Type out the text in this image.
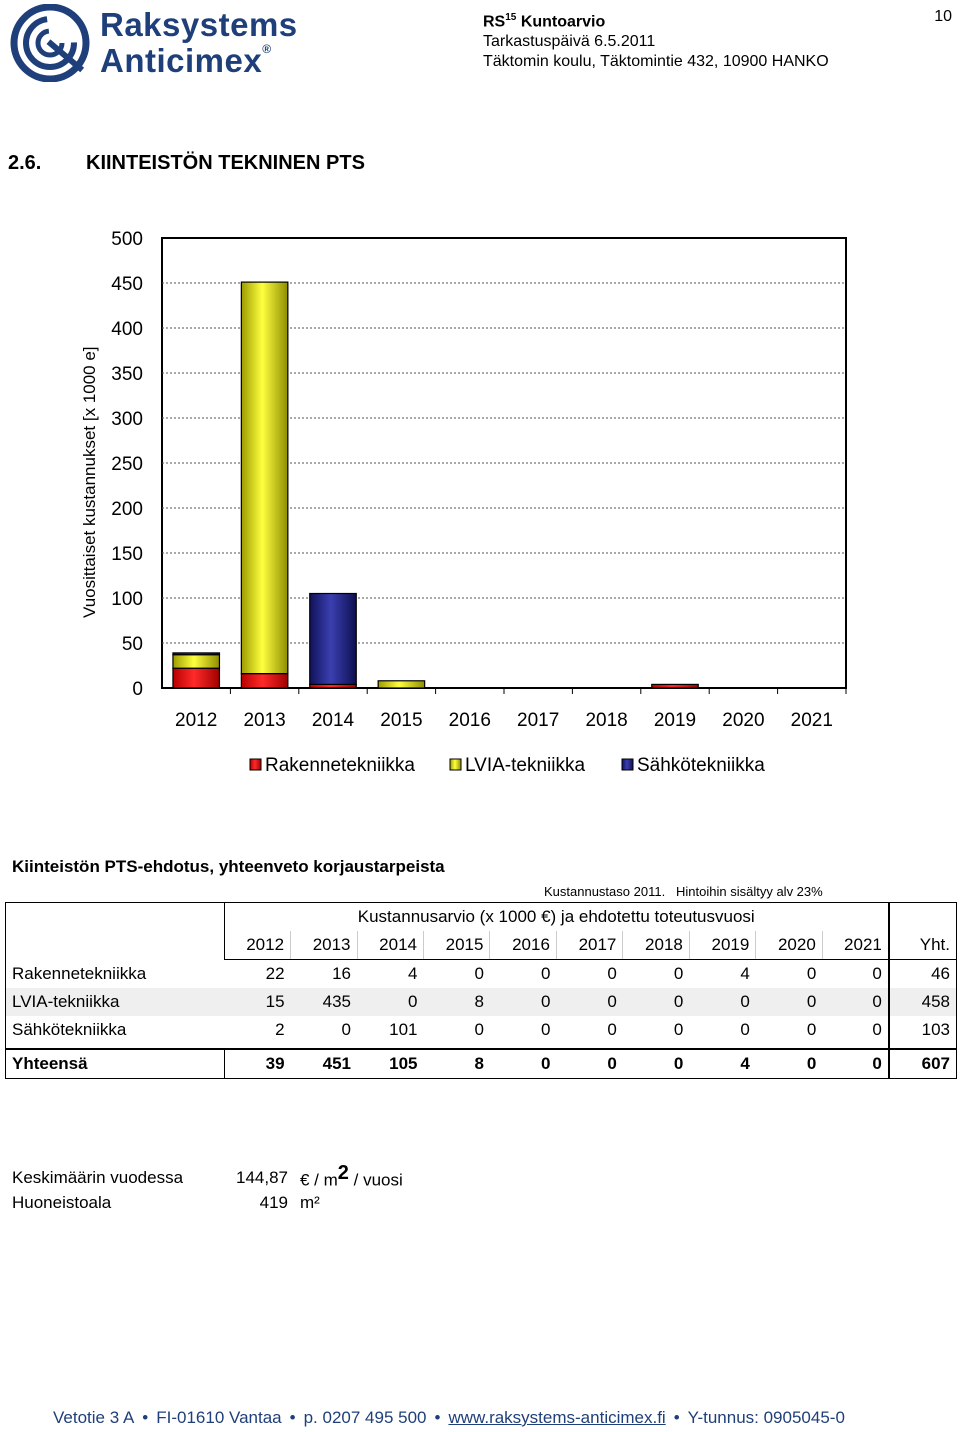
Raksystems
Anticimex®
RS$^{15}$ Kuntoarvio
Tarkastuspäivä 6.5.2011
Täktomin koulu, Täktomintie 432, 10900 HANKO
10
2.6. KIINTEISTÖN TEKNINEN PTS
0
50
100
150
200
250
300
350
400
450
500
2012 2013 2014 2015 2016 2017 2018 2019 2020 2021
Vuosittaiset kustannukset [x 1000 e]
Rakennetekniikka	LVIA-tekniikka	Sähkötekniikka
Kiinteistön PTS-ehdotus, yhteenveto korjaustarpeista
Kustannustaso 2011.   Hintoihin sisältyy alv 23%
	Kustannusarvio (x 1000 €) ja ehdotettu toteutusvuosi										
	2012	2013	2014	2015	2016	2017	2018	2019	2020	2021	Yht.
Rakennetekniikka	22	16	4	0	0	0	0	4	0	0	46
LVIA-tekniikka	15	435	0	8	0	0	0	0	0	0	458
Sähkötekniikka	2	0	101	0	0	0	0	0	0	0	103

Yhteensä	39	451	105	8	0	0	0	4	0	0	607
Keskimäärin vuodessa	144,87 € / $m^2$ / vuosi
Huoneistoala	419 m²
Vetotie 3 A • FI-01610 Vantaa • p. 0207 495 500 • www.raksystems-anticimex.fi • Y-tunnus: 0905045-0
